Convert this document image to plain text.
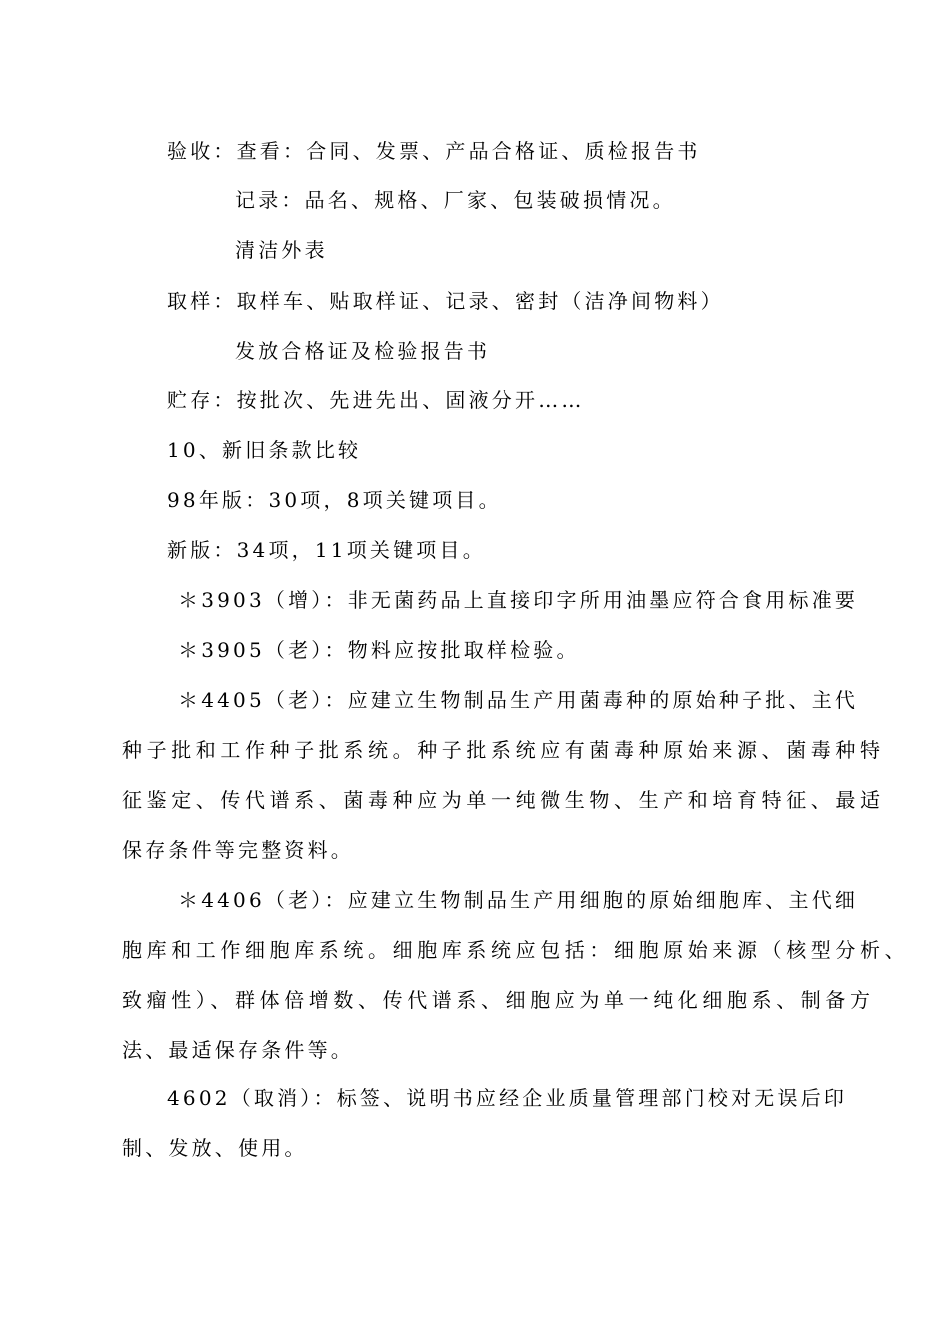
验收：查看：合同、发票、产品合格证、质检报告书
记录：品名、规格、厂家、包装破损情况。
清洁外表
取样：取样车、贴取样证、记录、密封（洁净间物料）
发放合格证及检验报告书
贮存：按批次、先进先出、固液分开……
10、新旧条款比较
98年版：30项，8项关键项目。
新版：34项，11项关键项目。
＊3903（增）：非无菌药品上直接印字所用油墨应符合食用标准要
＊3905（老）：物料应按批取样检验。
＊4405（老）：应建立生物制品生产用菌毒种的原始种子批、主代
种子批和工作种子批系统。种子批系统应有菌毒种原始来源、菌毒种特
征鉴定、传代谱系、菌毒种应为单一纯微生物、生产和培育特征、最适
保存条件等完整资料。
＊4406（老）：应建立生物制品生产用细胞的原始细胞库、主代细
胞库和工作细胞库系统。细胞库系统应包括：细胞原始来源（核型分析、
致瘤性）、群体倍增数、传代谱系、细胞应为单一纯化细胞系、制备方
法、最适保存条件等。
4602（取消）：标签、说明书应经企业质量管理部门校对无误后印
制、发放、使用。
